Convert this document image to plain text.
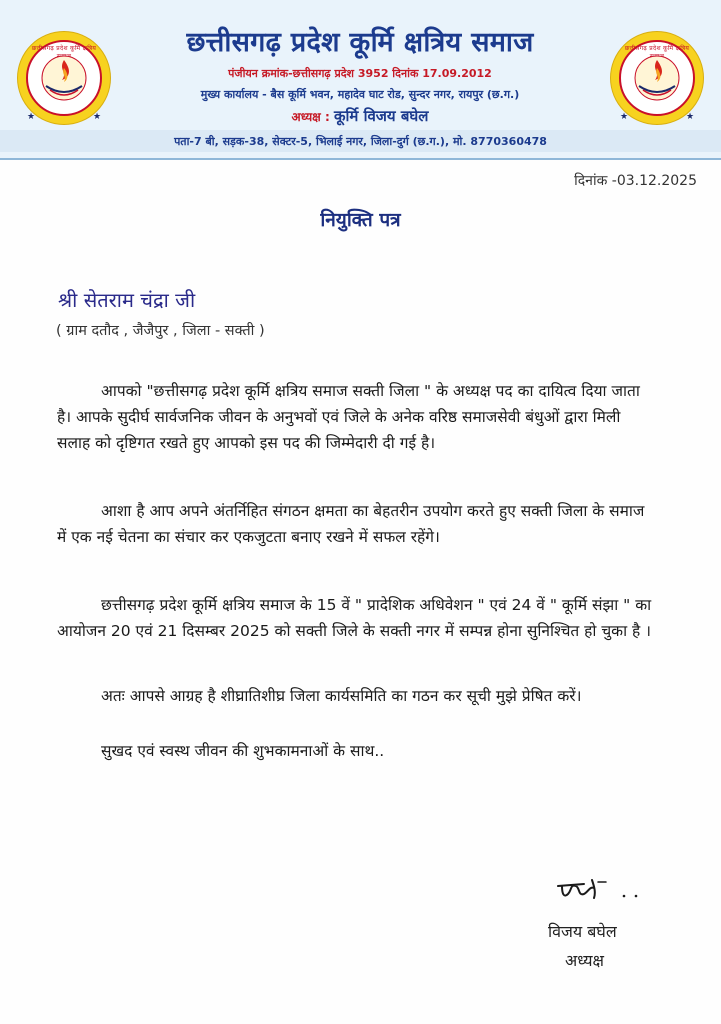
छत्तीसगढ़ प्रदेश कूर्मि क्षत्रिय
★	★
छत्तीसगढ़ प्रदेश कूर्मि क्षत्रिय समाज
पंजीयन क्रमांक-छत्तीसगढ़ प्रदेश 3952 दिनांक 17.09.2012
मुख्य कार्यालय - बैस कूर्मि भवन, महादेव घाट रोड, सुन्दर नगर, रायपुर (छ.ग.)
अध्यक्ष : कूर्मि विजय बघेल
पता-7 बी, सड़क-38, सेक्टर-5, भिलाई नगर, जिला-दुर्ग (छ.ग.), मो. 8770360478
छत्तीसगढ़ प्रदेश कूर्मि क्षत्रिय
★	★
दिनांक -03.12.2025
नियुक्ति पत्र
श्री सेतराम चंद्रा जी
( ग्राम दतौद , जैजैपुर , जिला - सक्ती )

आपको "छत्तीसगढ़ प्रदेश कूर्मि क्षत्रिय समाज सक्ती जिला " के अध्यक्ष पद का दायित्व दिया जाता है। आपके सुदीर्घ सार्वजनिक जीवन के अनुभवों एवं जिले के अनेक वरिष्ठ समाजसेवी बंधुओं द्वारा मिली सलाह को दृष्टिगत रखते हुए आपको इस पद की जिम्मेदारी दी गई है।

आशा है आप अपने अंतर्निहित संगठन क्षमता का बेहतरीन उपयोग करते हुए सक्ती जिला के समाज में एक नई चेतना का संचार कर एकजुटता बनाए रखने में सफल रहेंगे।

छत्तीसगढ़ प्रदेश कूर्मि क्षत्रिय समाज के 15 वें " प्रादेशिक अधिवेशन " एवं 24 वें " कूर्मि संझा " का आयोजन 20 एवं 21 दिसम्बर 2025 को सक्ती जिले के सक्ती नगर में सम्पन्न होना सुनिश्चित हो चुका है ।

अतः आपसे आग्रह है शीघ्रातिशीघ्र जिला कार्यसमिति का गठन कर सूची मुझे प्रेषित करें।

सुखद एवं स्वस्थ जीवन की शुभकामनाओं के साथ..

विजय बघेल
अध्यक्ष
